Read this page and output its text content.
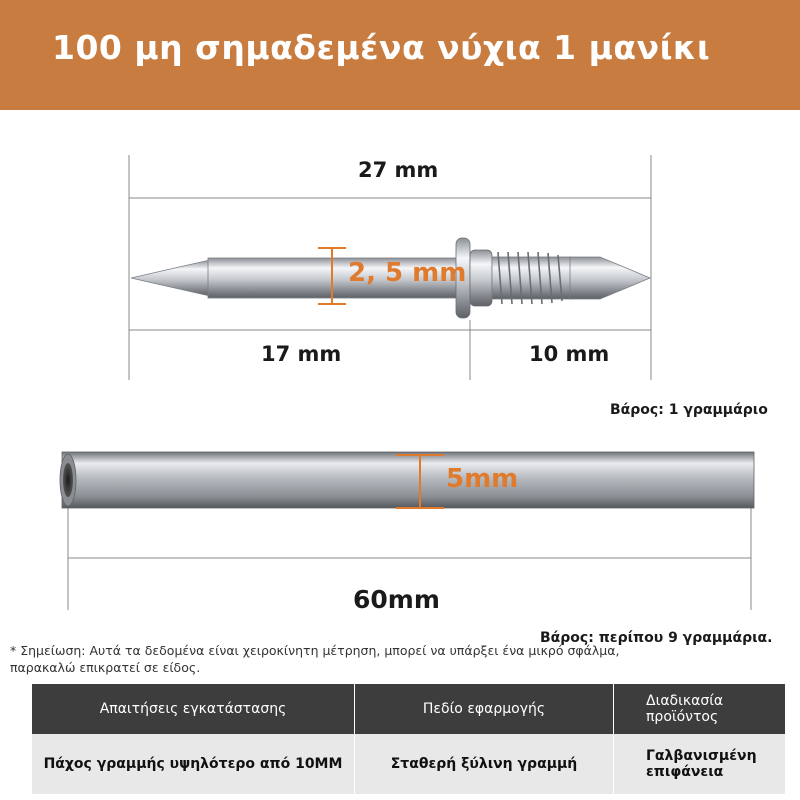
100 μη σημαδεμένα νύχια 1 μανίκι
27 mm
2, 5 mm
17 mm	10 mm
Βάρος: 1 γραμμάριο
5mm
60mm
Βάρος: περίπου 9 γραμμάρια.
* Σημείωση: Αυτά τα δεδομένα είναι χειροκίνητη μέτρηση, μπορεί να υπάρξει ένα μικρό σφάλμα, παρακαλώ επικρατεί σε είδος.
Απαιτήσεις εγκατάστασης	Πεδίο εφαρμογής	Διαδικασία προϊόντος
Πάχος γραμμής υψηλότερο από 10MM	Σταθερή ξύλινη γραμμή	Γαλβανισμένη επιφάνεια
